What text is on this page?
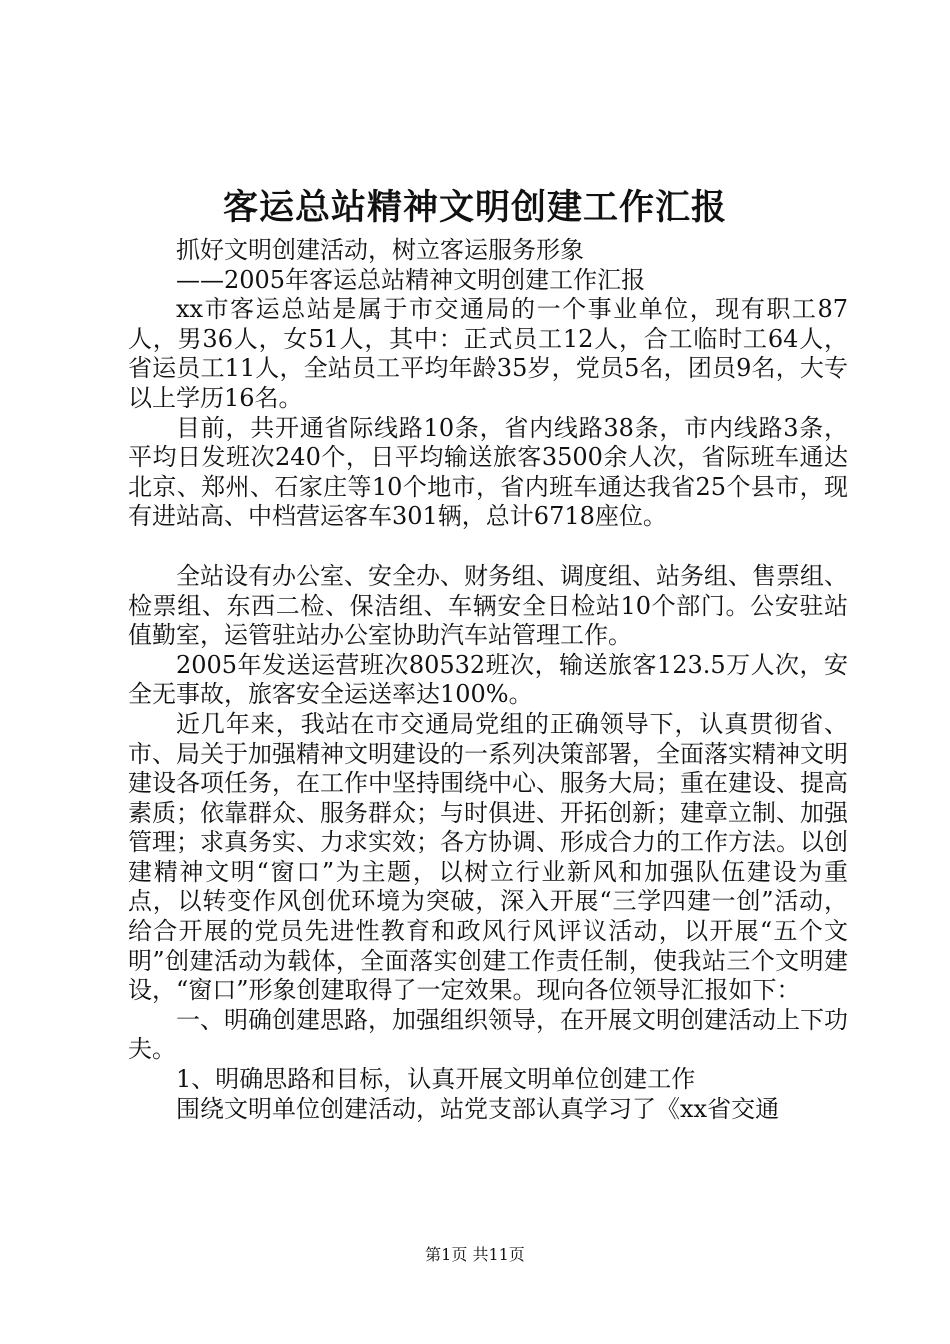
客运总站精神文明创建工作汇报

抓好文明创建活动，树立客运服务形象

——2005年客运总站精神文明创建工作汇报

xx市客运总站是属于市交通局的一个事业单位，现有职工87人，男36人，女51人，其中：正式员工12人，合工临时工64人，省运员工11人，全站员工平均年龄35岁，党员5名，团员9名，大专以上学历16名。

目前，共开通省际线路10条，省内线路38条，市内线路3条，平均日发班次240个，日平均输送旅客3500余人次，省际班车通达北京、郑州、石家庄等10个地市，省内班车通达我省25个县市，现有进站高、中档营运客车301辆，总计6718座位。

全站设有办公室、安全办、财务组、调度组、站务组、售票组、检票组、东西二检、保洁组、车辆安全日检站10个部门。公安驻站值勤室，运管驻站办公室协助汽车站管理工作。

2005年发送运营班次80532班次，输送旅客123.5万人次，安全无事故，旅客安全运送率达100%。

近几年来，我站在市交通局党组的正确领导下，认真贯彻省、市、局关于加强精神文明建设的一系列决策部署，全面落实精神文明建设各项任务，在工作中坚持围绕中心、服务大局；重在建设、提高素质；依靠群众、服务群众；与时俱进、开拓创新；建章立制、加强管理；求真务实、力求实效；各方协调、形成合力的工作方法。以创建精神文明“窗口”为主题，以树立行业新风和加强队伍建设为重点，以转变作风创优环境为突破，深入开展“三学四建一创”活动，给合开展的党员先进性教育和政风行风评议活动，以开展“五个文明”创建活动为载体，全面落实创建工作责任制，使我站三个文明建设，“窗口”形象创建取得了一定效果。现向各位领导汇报如下：

一、明确创建思路，加强组织领导，在开展文明创建活动上下功夫。

1、明确思路和目标，认真开展文明单位创建工作

围绕文明单位创建活动，站党支部认真学习了《xx省交通

第1页 共11页
